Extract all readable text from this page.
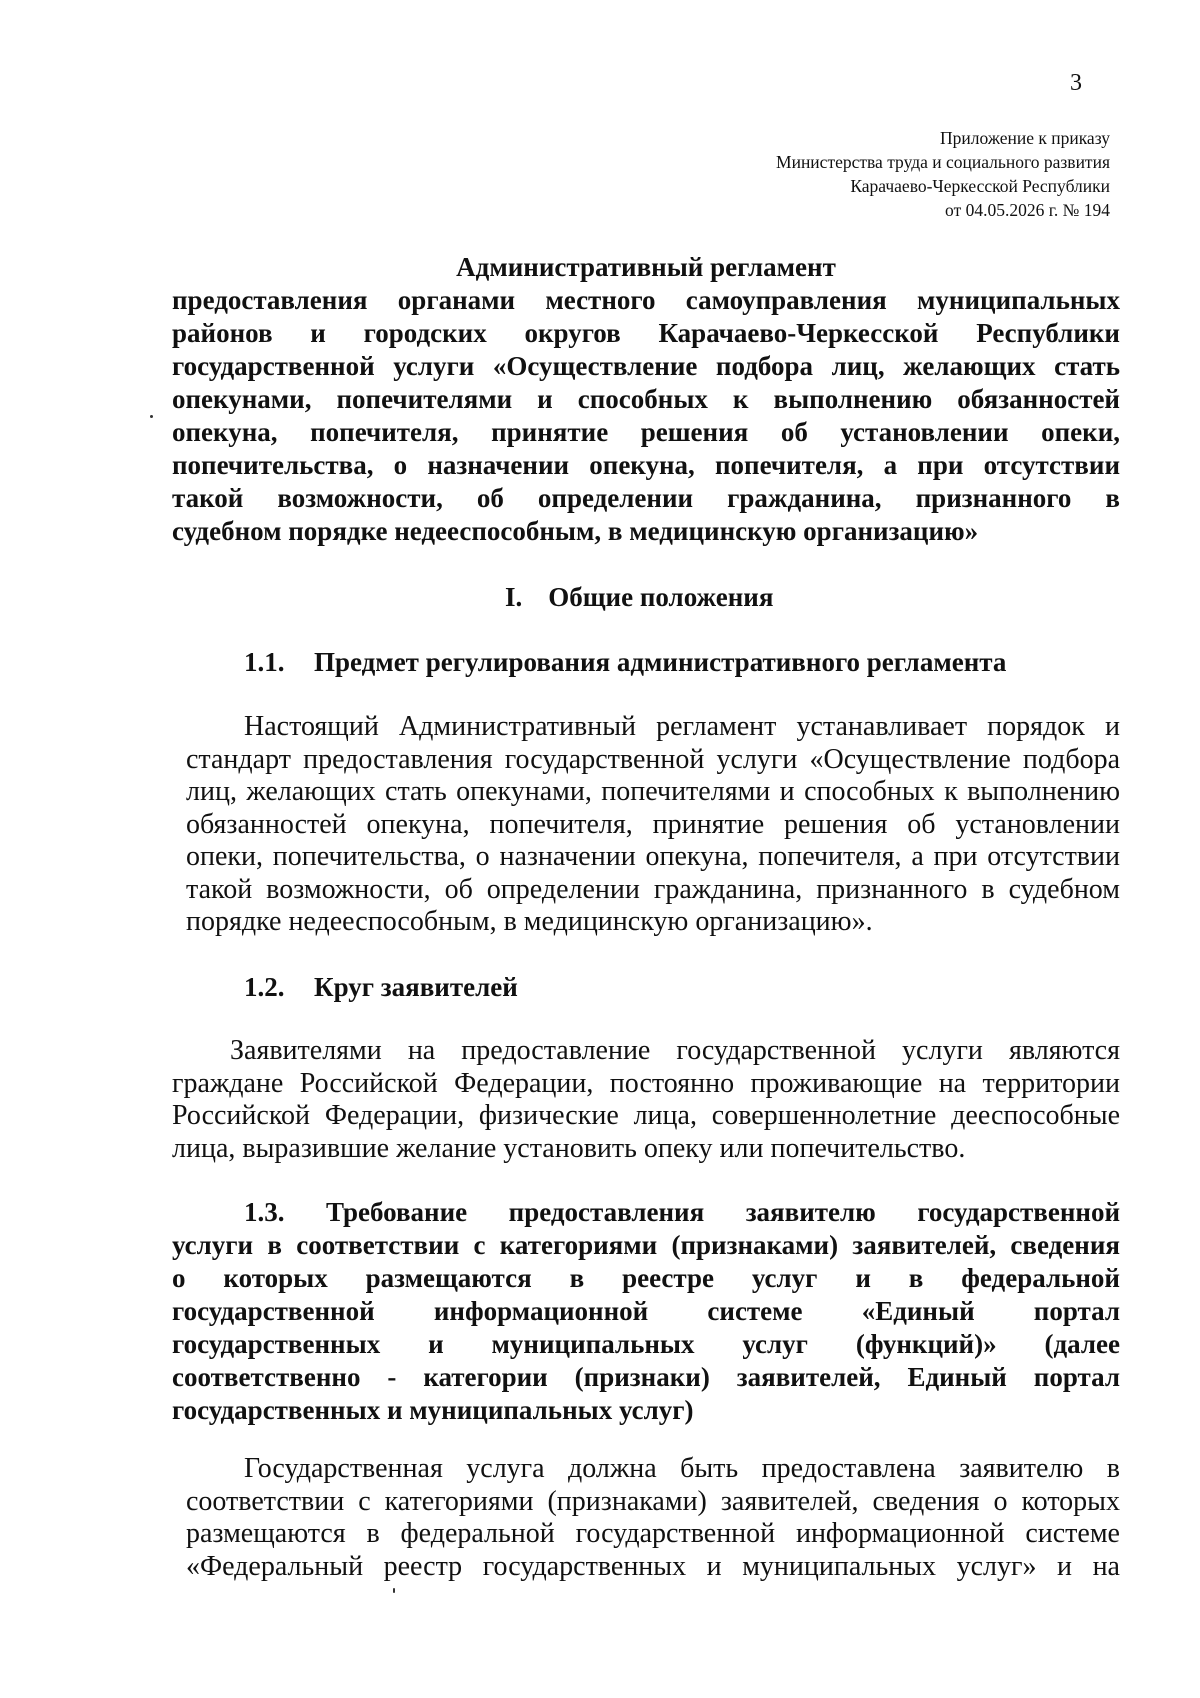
3
Приложение к приказу
Министерства труда и социального развития
Карачаево-Черкесской Республики
от 04.05.2026 г. № 194
Административный регламент
предоставления органами местного самоуправления муниципальных
районов и городских округов Карачаево-Черкесской Республики
государственной услуги «Осуществление подбора лиц, желающих стать
опекунами, попечителями и способных к выполнению обязанностей
опекуна, попечителя, принятие решения об установлении опеки,
попечительства, о назначении опекуна, попечителя, а при отсутствии
такой возможности, об определении гражданина, признанного в
судебном порядке недееспособным, в медицинскую организацию»
I. Общие положения
1.1. Предмет регулирования административного регламента
Настоящий Административный регламент устанавливает порядок и
стандарт предоставления государственной услуги «Осуществление подбора
лиц, желающих стать опекунами, попечителями и способных к выполнению
обязанностей опекуна, попечителя, принятие решения об установлении
опеки, попечительства, о назначении опекуна, попечителя, а при отсутствии
такой возможности, об определении гражданина, признанного в судебном
порядке недееспособным, в медицинскую организацию».
1.2. Круг заявителей
Заявителями на предоставление государственной услуги являются
граждане Российской Федерации, постоянно проживающие на территории
Российской Федерации, физические лица, совершеннолетние дееспособные
лица, выразившие желание установить опеку или попечительство.
1.3. Требование предоставления заявителю государственной
услуги в соответствии с категориями (признаками) заявителей, сведения
о которых размещаются в реестре услуг и в федеральной
государственной информационной системе «Единый портал
государственных и муниципальных услуг (функций)» (далее
соответственно - категории (признаки) заявителей, Единый портал
государственных и муниципальных услуг)
Государственная услуга должна быть предоставлена заявителю в
соответствии с категориями (признаками) заявителей, сведения о которых
размещаются в федеральной государственной информационной системе
«Федеральный реестр государственных и муниципальных услуг» и на
